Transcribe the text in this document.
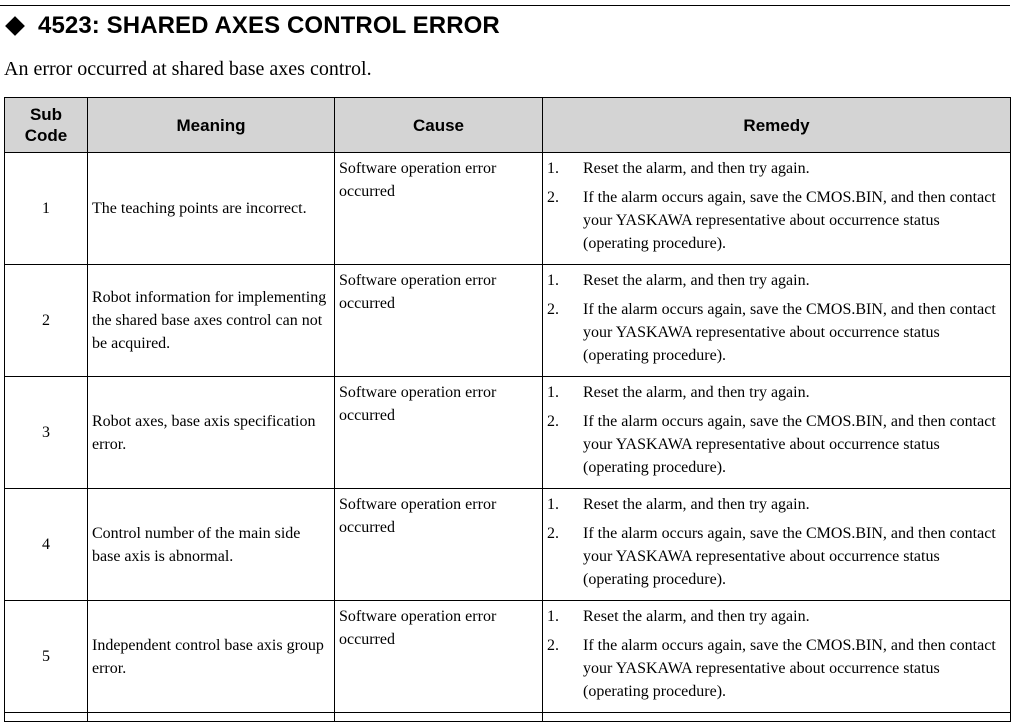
4523: SHARED AXES CONTROL ERROR
An error occurred at shared base axes control.
Sub
Code	Meaning	Cause	Remedy
1	The teaching points are incorrect.	Software operation error occurred	1. Reset the alarm, and then try again.
2. If the alarm occurs again, save the CMOS.BIN, and then contact your YASKAWA representative about occurrence status (operating procedure).

2	Robot information for implementing the shared base axes control can not be acquired.	Software operation error occurred	1. Reset the alarm, and then try again.
2. If the alarm occurs again, save the CMOS.BIN, and then contact your YASKAWA representative about occurrence status (operating procedure).

3	Robot axes, base axis specification error.	Software operation error occurred	1. Reset the alarm, and then try again.
2. If the alarm occurs again, save the CMOS.BIN, and then contact your YASKAWA representative about occurrence status (operating procedure).

4	Control number of the main side base axis is abnormal.	Software operation error occurred	1. Reset the alarm, and then try again.
2. If the alarm occurs again, save the CMOS.BIN, and then contact your YASKAWA representative about occurrence status (operating procedure).

5	Independent control base axis group error.	Software operation error occurred	1. Reset the alarm, and then try again.
2. If the alarm occurs again, save the CMOS.BIN, and then contact your YASKAWA representative about occurrence status (operating procedure).
